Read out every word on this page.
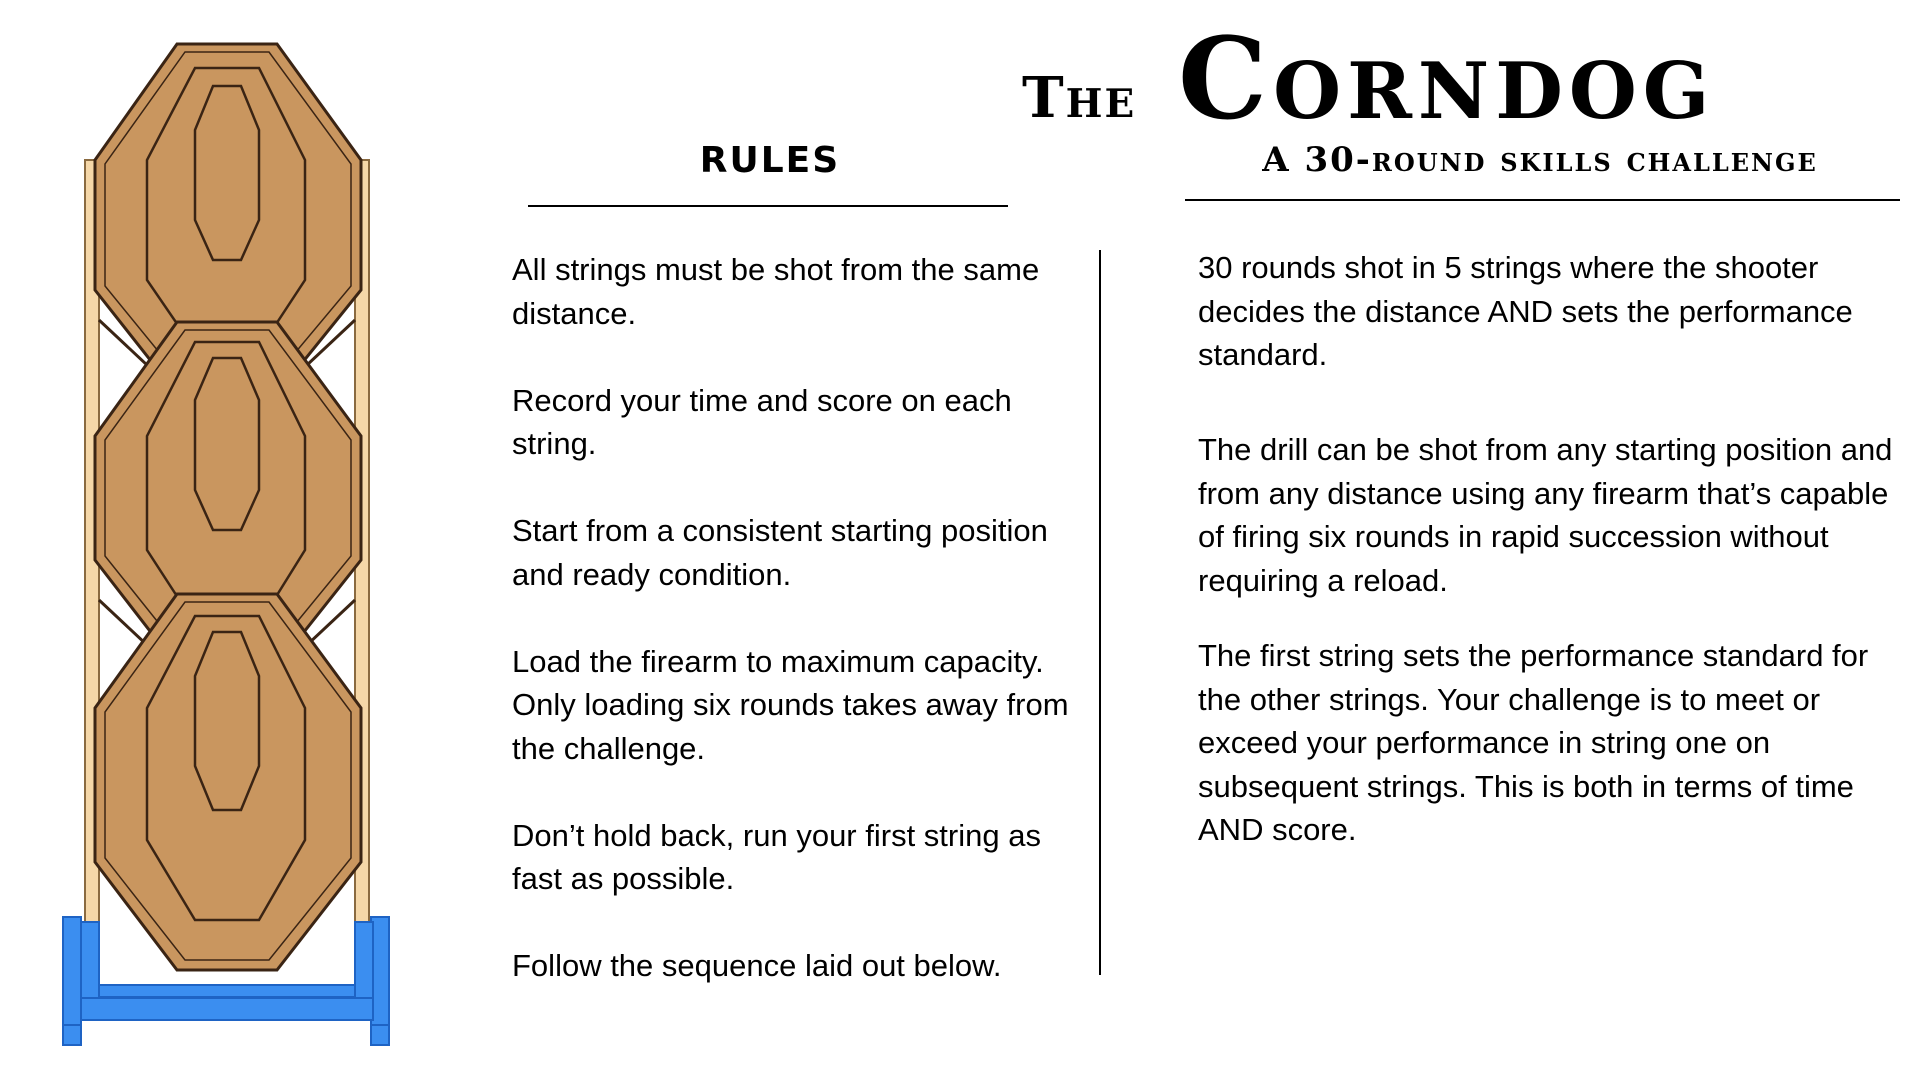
The Corndog
A 30-round skills challenge
RULES
All strings must be shot from the same distance.
Record your time and score on each string.
Start from a consistent starting position and ready condition.
Load the firearm to maximum capacity. Only loading six rounds takes away from the challenge.
Don’t hold back, run your first string as fast as possible.
Follow the sequence laid out below.

30 rounds shot in 5 strings where the shooter decides the distance AND sets the performance standard.

The drill can be shot from any starting position and from any distance using any firearm that’s capable of firing six rounds in rapid succession without requiring a reload.

The first string sets the performance standard for the other strings. Your challenge is to meet or exceed your performance in string one on subsequent strings. This is both in terms of time AND score.
